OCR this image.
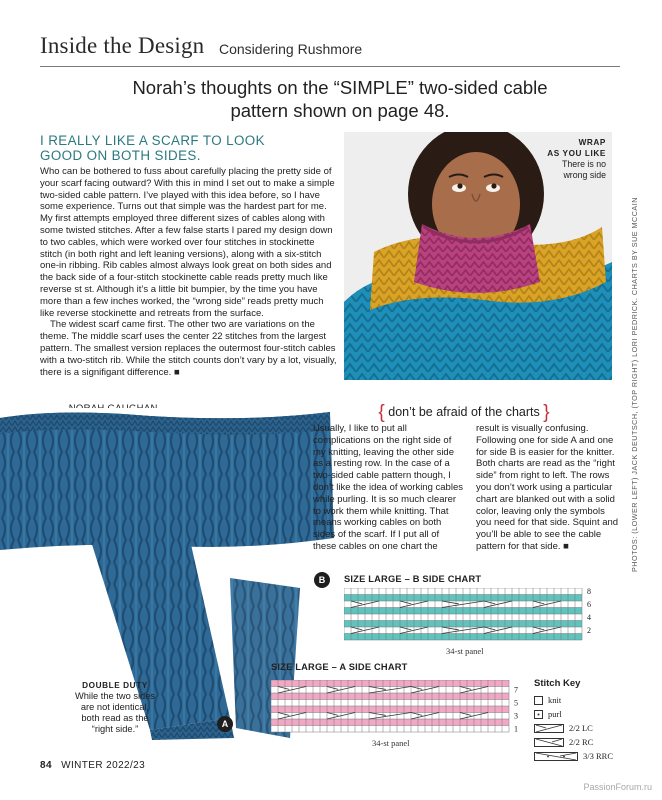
Inside the Design Considering Rushmore
Norah’s thoughts on the “SIMPLE” two-sided cable
pattern shown on page 48.
I REALLY LIKE A SCARF TO LOOK
GOOD ON BOTH SIDES.

Who can be bothered to fuss about carefully placing the pretty side of your scarf facing outward? With this in mind I set out to make a simple two-sided cable pattern. I’ve played with this idea before, so I have some experience. Turns out that simple was the hardest part for me. My first attempts employed three different sizes of cables along with some twisted stitches. After a few false starts I pared my design down to two cables, which were worked over four stitches in stockinette stitch (in both right and left leaning versions), along with a six-stitch one-in ribbing. Rib cables almost always look great on both sides and the back side of a four-stitch stockinette cable reads pretty much like reverse st st. Although it’s a little bit bumpier, by the time you have more than a few inches worked, the “wrong side” reads pretty much like reverse stockinette and retreats from the surface.

The widest scarf came first. The other two are variations on the theme. The middle scarf uses the center 22 stitches from the largest pattern. The smallest version replaces the outermost four-stitch cables with a two-stitch rib. While the stitch counts don’t vary by a lot, visually, there is a signifigant difference. ■

WRAP
AS YOU LIKE
There is no
wrong side
PHOTOS: (LOWER LEFT) JACK DEUTSCH, (TOP RIGHT) LORI PEDRICK. CHARTS BY SUE MCCAIN
B
A
DOUBLE DUTY
While the two sides
are not identical,
both read as the
“right side.”
{ don’t be afraid of the charts }
Usually, I like to put all complications on the right side of my knitting, leaving the other side as a resting row. In the case of a two-sided cable pattern though, I don’t like the idea of working cables while purling. It is so much clearer to work them while knitting. That means working cables on both sides of the scarf. If I put all of these cables on one chart the
result is visually confusing. Following one for side A and one for side B is easier for the knitter. Both charts are read as the “right side” from right to left. The rows you don’t work using a particular chart are blanked out with a solid color, leaving only the symbols you need for that side. Squint and you’ll be able to see the cable pattern for that side. ■
SIZE LARGE – B SIDE CHART
8
6
4
2
34-st panel
SIZE LARGE – A SIDE CHART
7
5
3
1
34-st panel
Stitch Key
knit
purl
2/2 LC
2/2 RC
3/3 RRC
84 WINTER 2022/23
PassionForum.ru
